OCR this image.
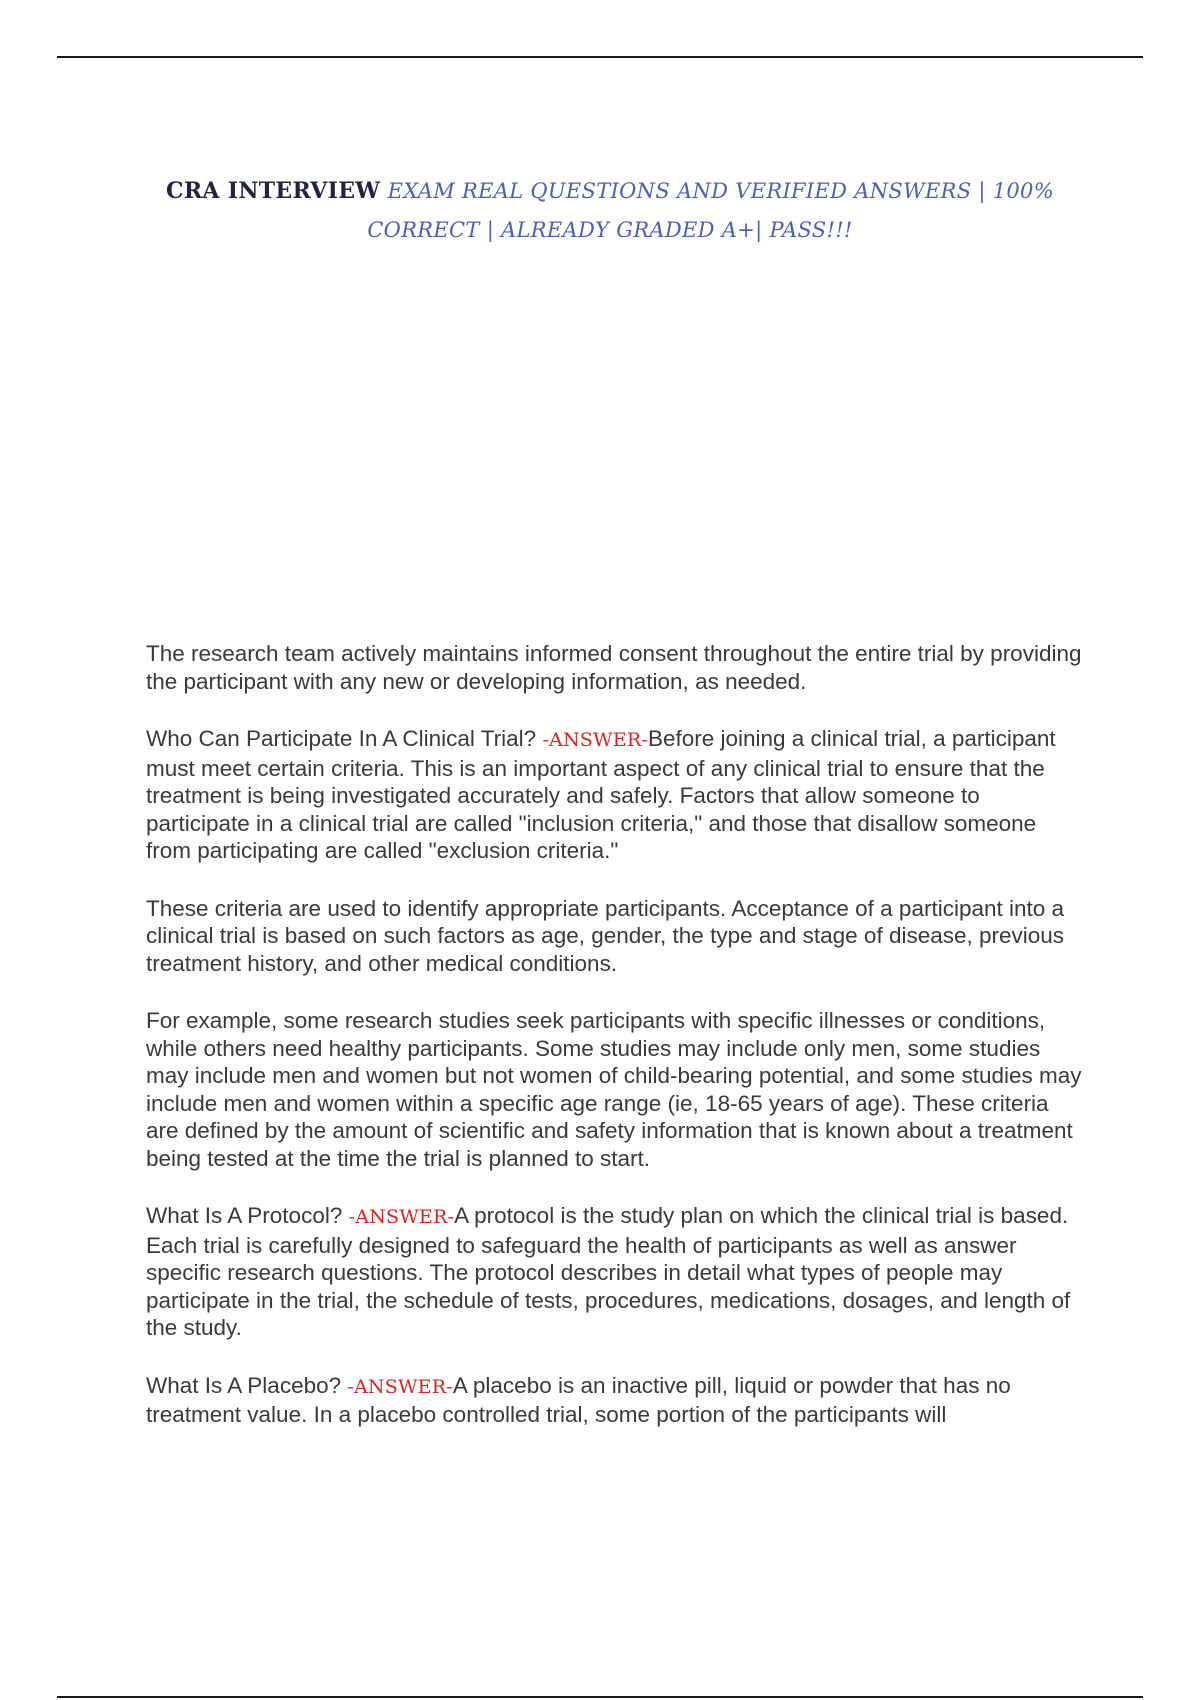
CRA INTERVIEW EXAM REAL QUESTIONS AND VERIFIED ANSWERS | 100% CORRECT | ALREADY GRADED A+| PASS!!!

The research team actively maintains informed consent throughout the entire trial by providing the participant with any new or developing information, as needed.

Who Can Participate In A Clinical Trial? -ANSWER-Before joining a clinical trial, a participant must meet certain criteria. This is an important aspect of any clinical trial to ensure that the treatment is being investigated accurately and safely. Factors that allow someone to participate in a clinical trial are called "inclusion criteria," and those that disallow someone from participating are called "exclusion criteria."

These criteria are used to identify appropriate participants. Acceptance of a participant into a clinical trial is based on such factors as age, gender, the type and stage of disease, previous treatment history, and other medical conditions.

For example, some research studies seek participants with specific illnesses or conditions, while others need healthy participants. Some studies may include only men, some studies may include men and women but not women of child-bearing potential, and some studies may include men and women within a specific age range (ie, 18-65 years of age). These criteria are defined by the amount of scientific and safety information that is known about a treatment being tested at the time the trial is planned to start.

What Is A Protocol? -ANSWER-A protocol is the study plan on which the clinical trial is based. Each trial is carefully designed to safeguard the health of participants as well as answer specific research questions. The protocol describes in detail what types of people may participate in the trial, the schedule of tests, procedures, medications, dosages, and length of the study.

What Is A Placebo? -ANSWER-A placebo is an inactive pill, liquid or powder that has no treatment value. In a placebo controlled trial, some portion of the participants will
